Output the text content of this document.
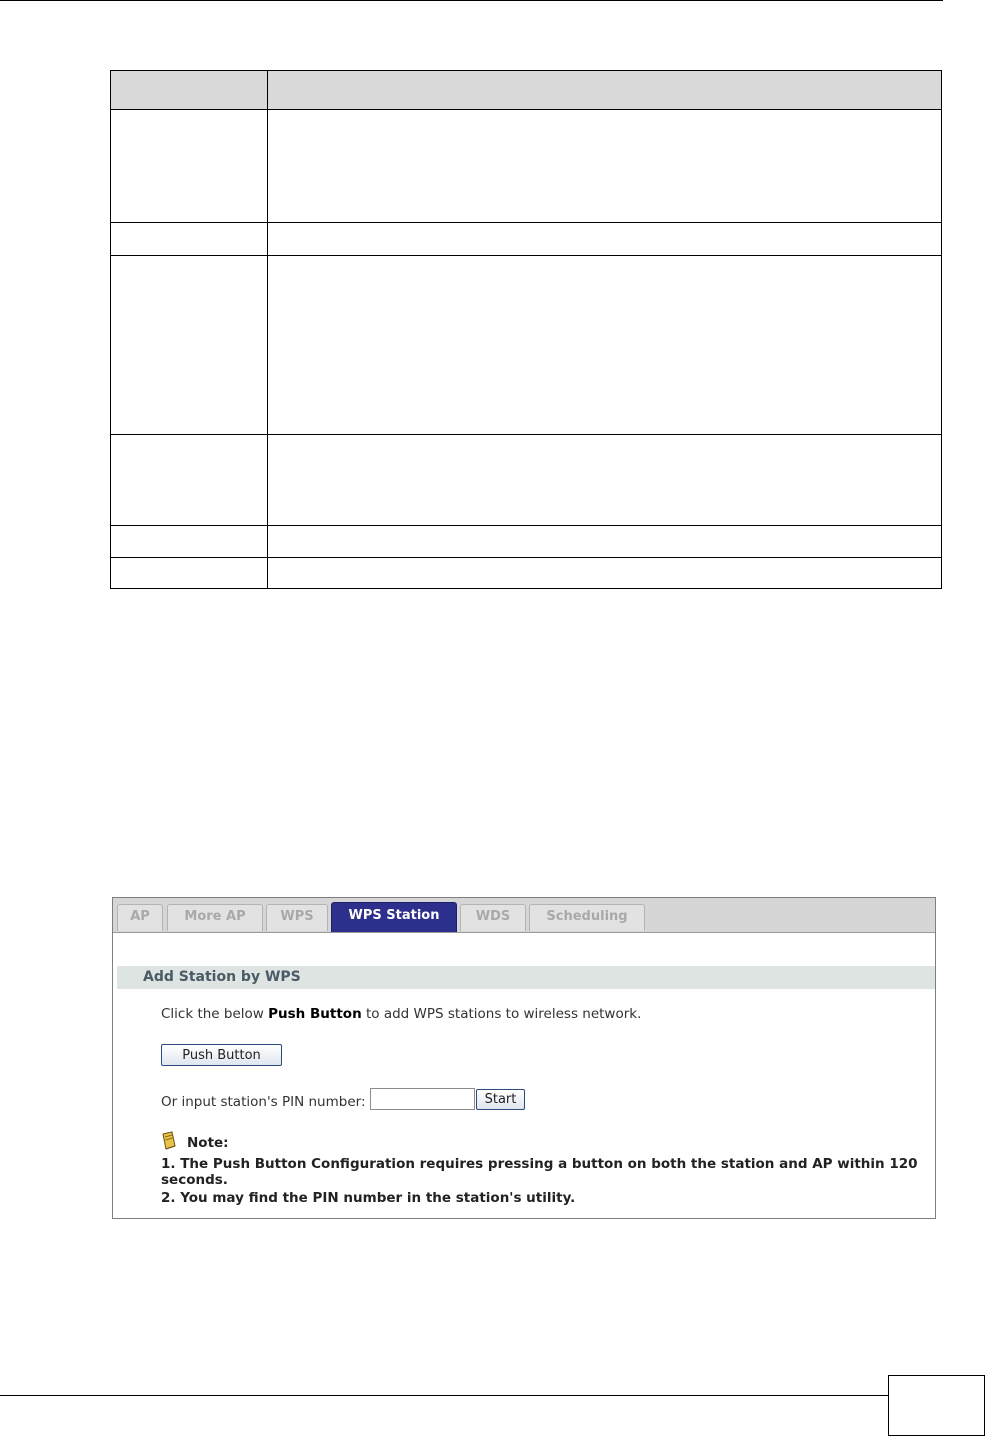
AP	More AP	WPS	WPS Station	WDS	Scheduling
Add Station by WPS
Click the below Push Button to add WPS stations to wireless network.
Push Button
Or input station's PIN number:	Start
Note:
1. The Push Button Configuration requires pressing a button on both the station and AP within 120 seconds.
2. You may find the PIN number in the station's utility.
